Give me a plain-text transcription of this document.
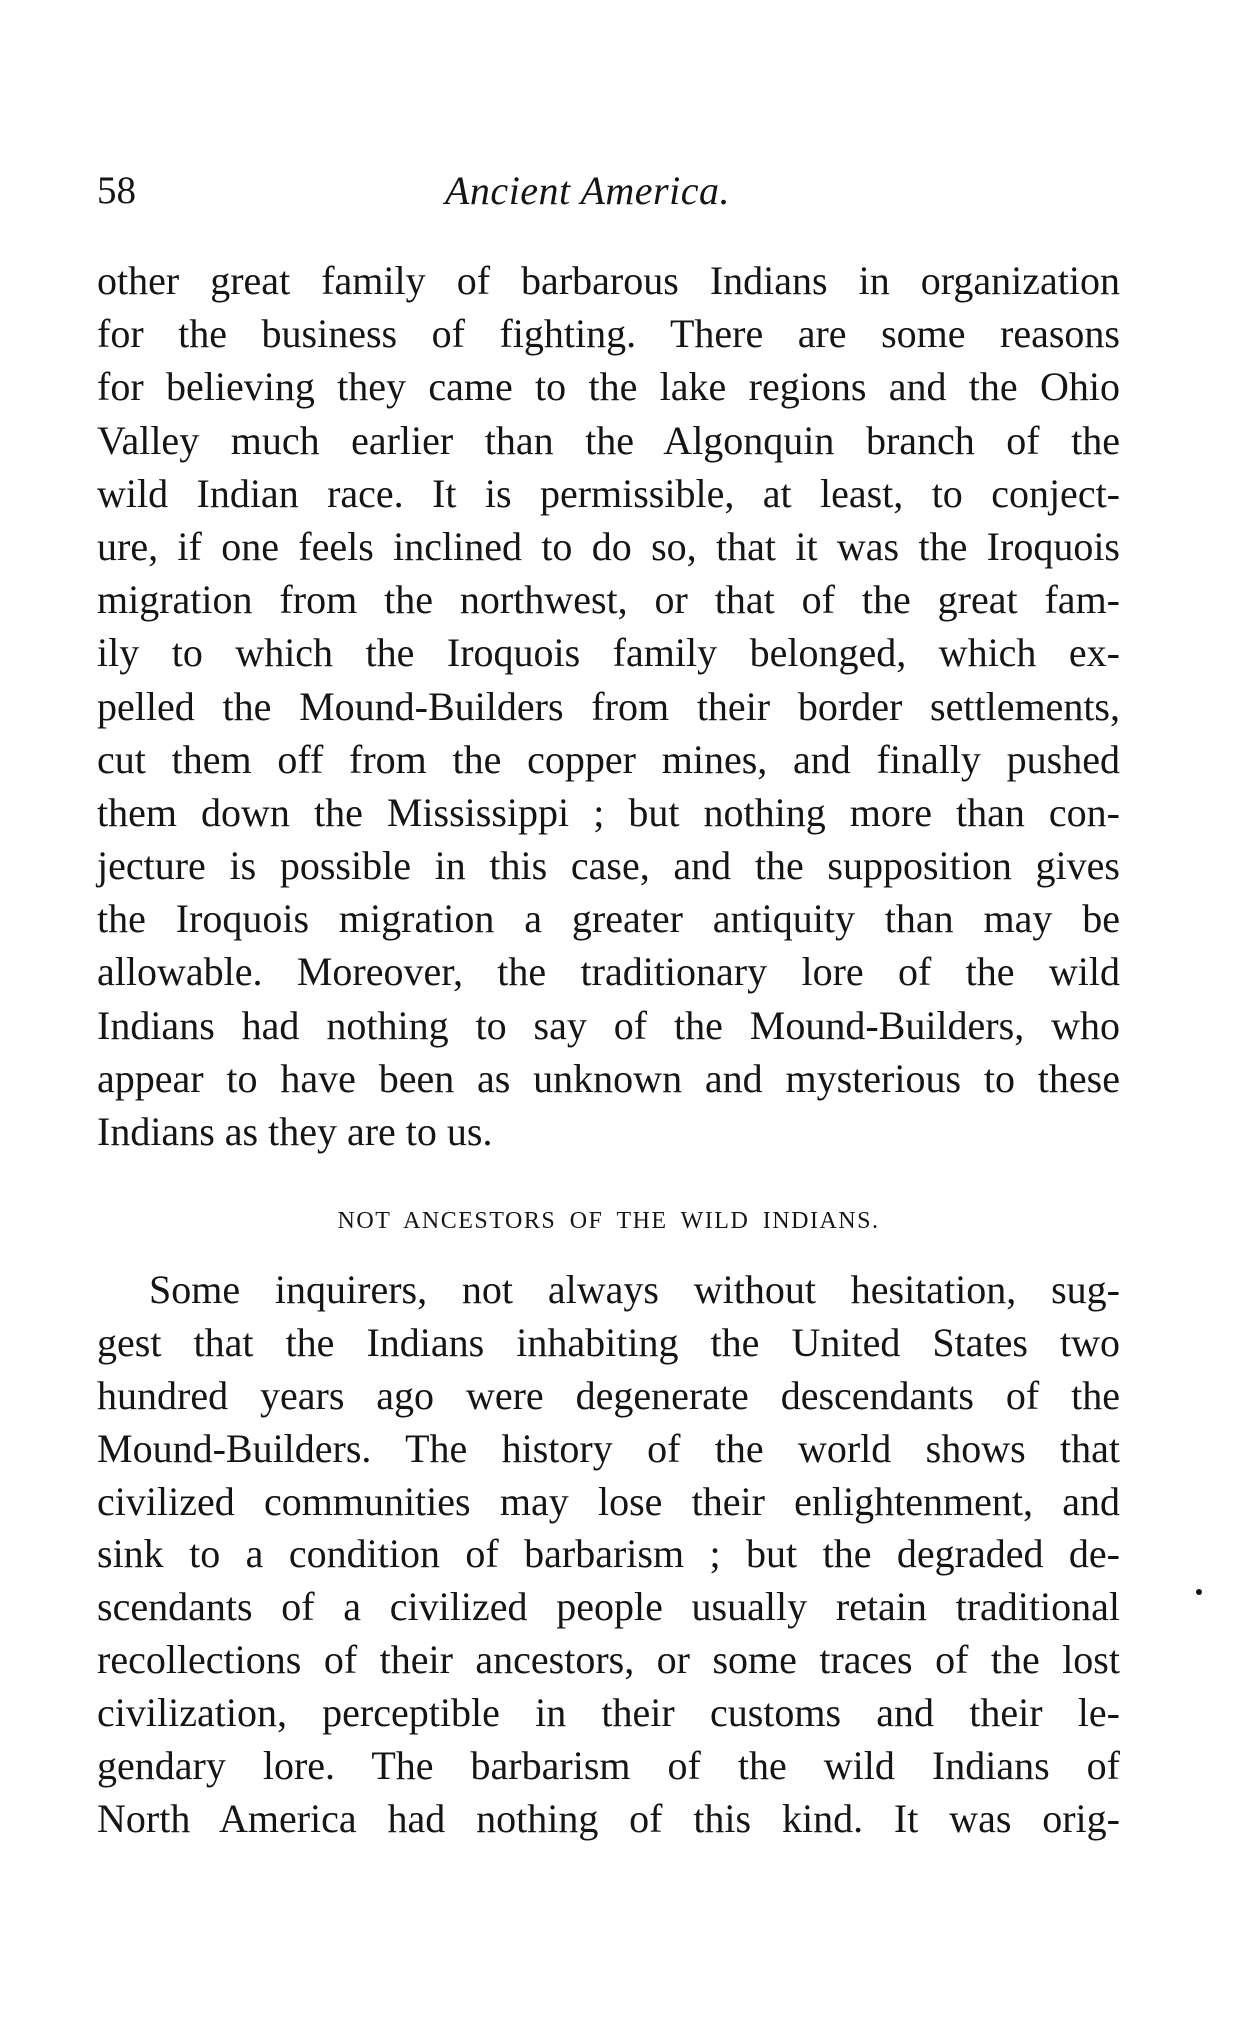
58	Ancient America.
other great family of barbarous Indians in organization
for the business of fighting. There are some reasons
for believing they came to the lake regions and the Ohio
Valley much earlier than the Algonquin branch of the
wild Indian race. It is permissible, at least, to conject-
ure, if one feels inclined to do so, that it was the Iroquois
migration from the northwest, or that of the great fam-
ily to which the Iroquois family belonged, which ex-
pelled the Mound-Builders from their border settlements,
cut them off from the copper mines, and finally pushed
them down the Mississippi ; but nothing more than con-
jecture is possible in this case, and the supposition gives
the Iroquois migration a greater antiquity than may be
allowable. Moreover, the traditionary lore of the wild
Indians had nothing to say of the Mound-Builders, who
appear to have been as unknown and mysterious to these
Indians as they are to us.
NOT ANCESTORS OF THE WILD INDIANS.
Some inquirers, not always without hesitation, sug-
gest that the Indians inhabiting the United States two
hundred years ago were degenerate descendants of the
Mound-Builders. The history of the world shows that
civilized communities may lose their enlightenment, and
sink to a condition of barbarism ; but the degraded de-
scendants of a civilized people usually retain traditional
recollections of their ancestors, or some traces of the lost
civilization, perceptible in their customs and their le-
gendary lore. The barbarism of the wild Indians of
North America had nothing of this kind. It was orig-
